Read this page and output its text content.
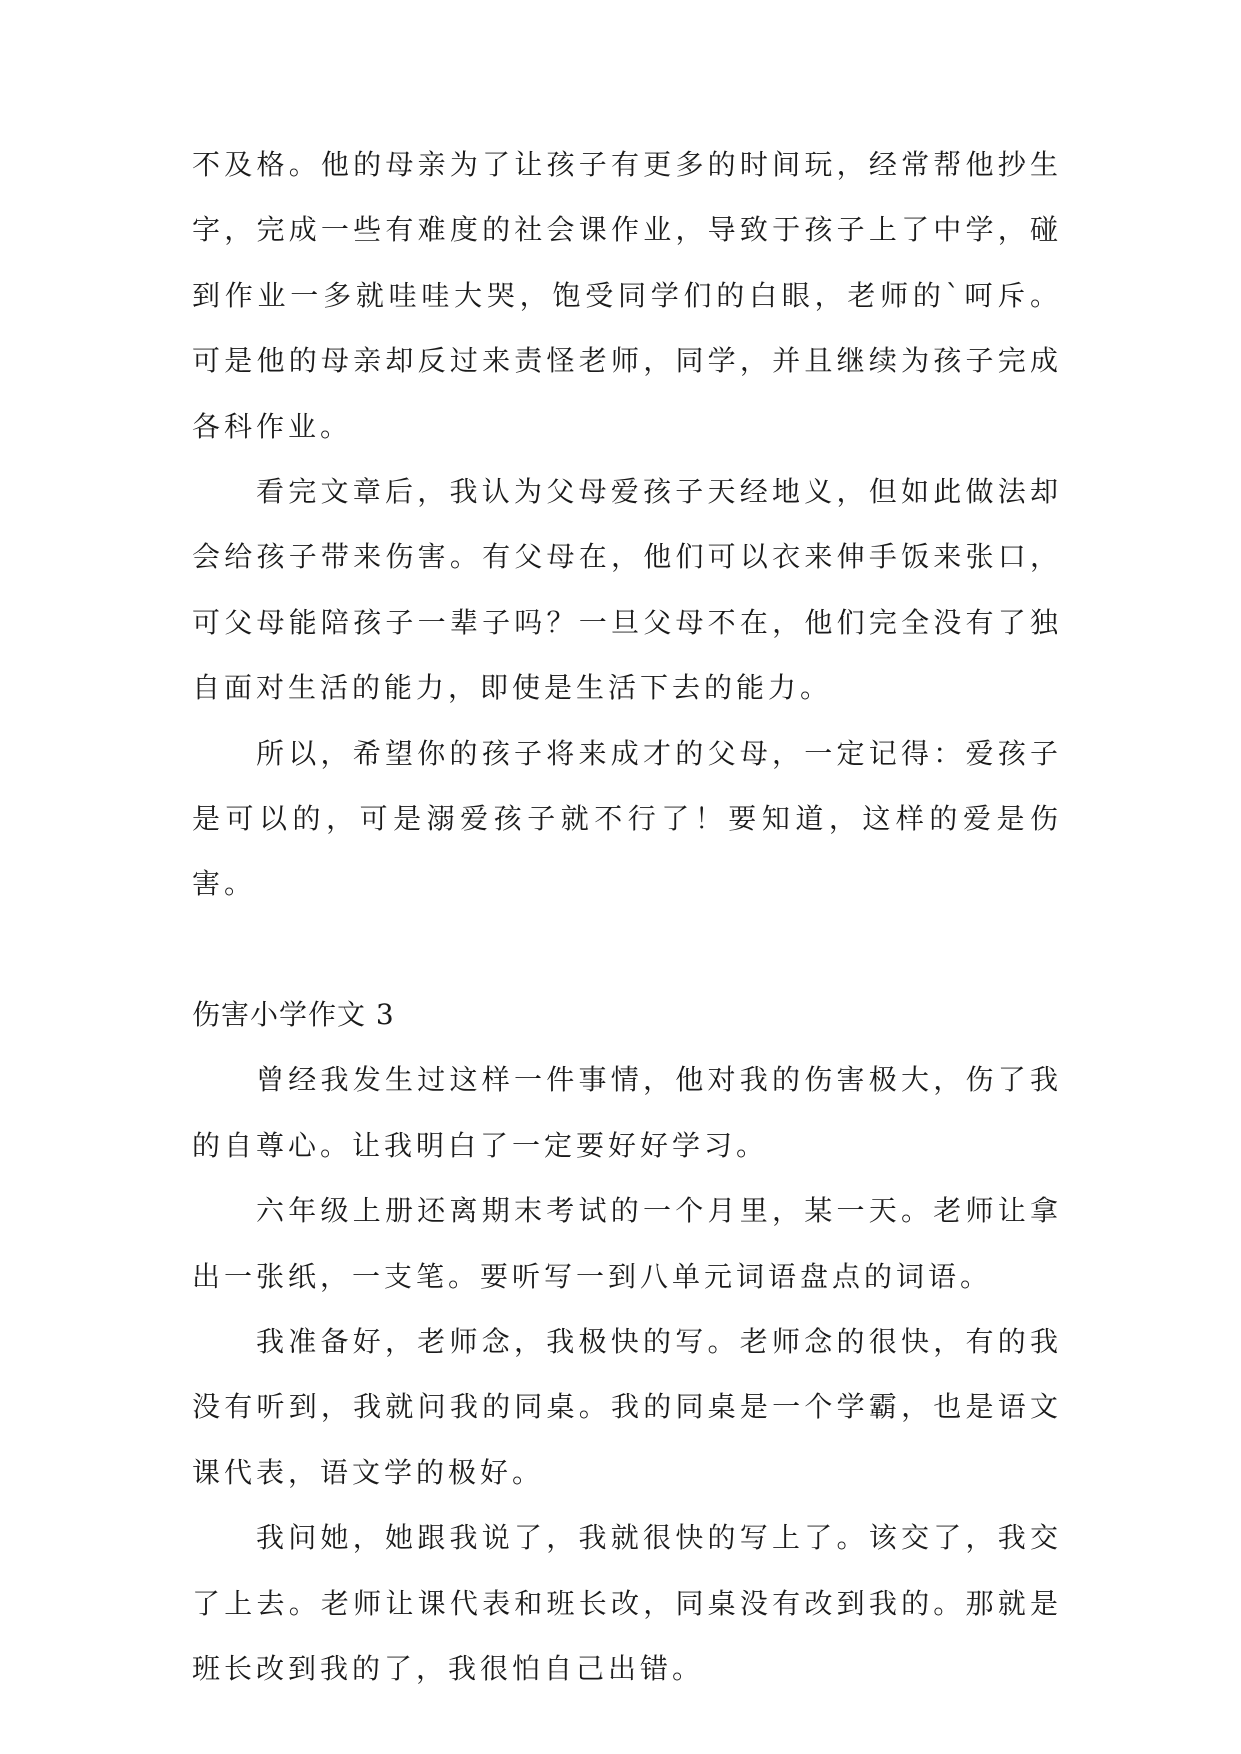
不及格。他的母亲为了让孩子有更多的时间玩，经常帮他抄生字，完成一些有难度的社会课作业，导致于孩子上了中学，碰到作业一多就哇哇大哭，饱受同学们的白眼，老师的`呵斥。可是他的母亲却反过来责怪老师，同学，并且继续为孩子完成各科作业。

看完文章后，我认为父母爱孩子天经地义，但如此做法却会给孩子带来伤害。有父母在，他们可以衣来伸手饭来张口，可父母能陪孩子一辈子吗？一旦父母不在，他们完全没有了独自面对生活的能力，即使是生活下去的能力。

所以，希望你的孩子将来成才的父母，一定记得：爱孩子是可以的，可是溺爱孩子就不行了！要知道，这样的爱是伤害。

伤害小学作文 3

曾经我发生过这样一件事情，他对我的伤害极大，伤了我的自尊心。让我明白了一定要好好学习。

六年级上册还离期末考试的一个月里，某一天。老师让拿出一张纸，一支笔。要听写一到八单元词语盘点的词语。

我准备好，老师念，我极快的写。老师念的很快，有的我没有听到，我就问我的同桌。我的同桌是一个学霸，也是语文课代表，语文学的极好。

我问她，她跟我说了，我就很快的写上了。该交了，我交了上去。老师让课代表和班长改，同桌没有改到我的。那就是班长改到我的了，我很怕自己出错。
